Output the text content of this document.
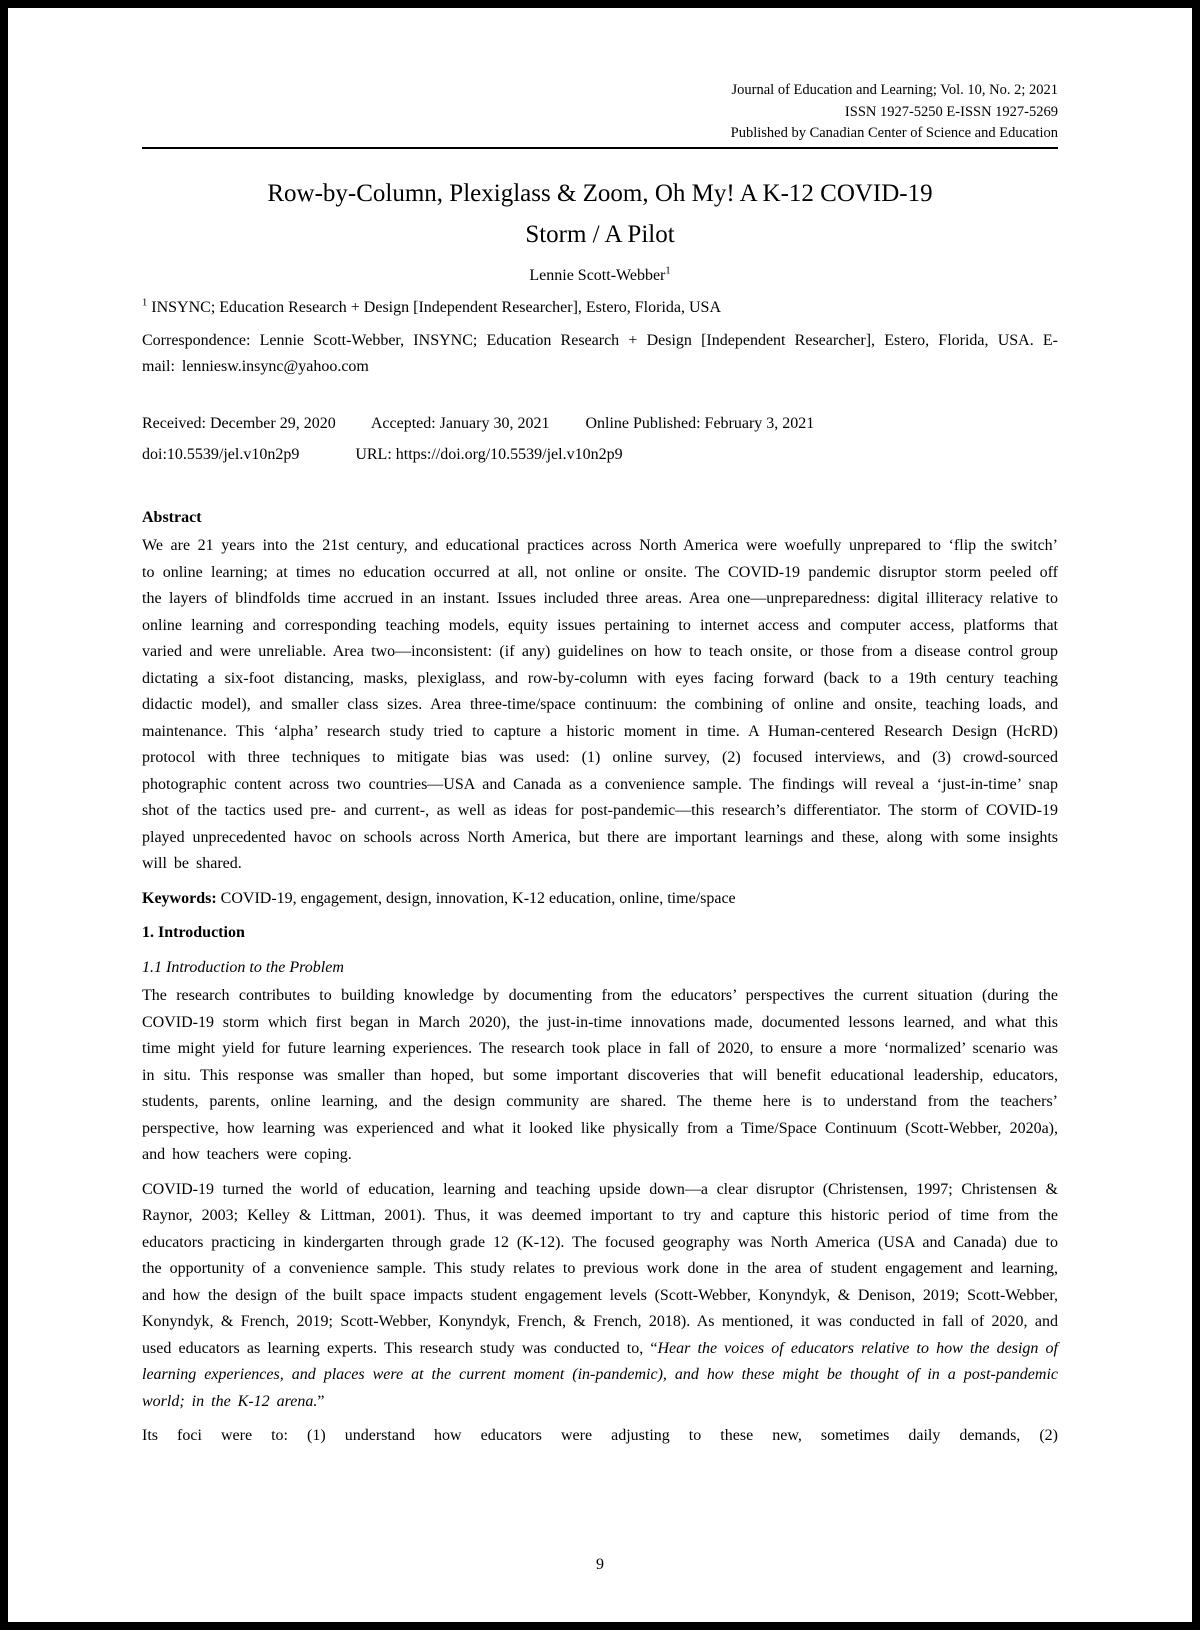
Journal of Education and Learning; Vol. 10, No. 2; 2021
ISSN 1927-5250 E-ISSN 1927-5269
Published by Canadian Center of Science and Education
Row-by-Column, Plexiglass & Zoom, Oh My! A K-12 COVID-19
Storm / A Pilot
Lennie Scott-Webber$^1$
$^1$ INSYNC; Education Research + Design [Independent Researcher], Estero, Florida, USA
Correspondence: Lennie Scott-Webber, INSYNC; Education Research + Design [Independent Researcher], Estero, Florida, USA. E-mail: lenniesw.insync@yahoo.com
Received: December 29, 2020 Accepted: January 30, 2021 Online Published: February 3, 2021
doi:10.5539/jel.v10n2p9	URL: https://doi.org/10.5539/jel.v10n2p9
Abstract

We are 21 years into the 21st century, and educational practices across North America were woefully unprepared to ‘flip the switch’ to online learning; at times no education occurred at all, not online or onsite. The COVID-19 pandemic disruptor storm peeled off the layers of blindfolds time accrued in an instant. Issues included three areas. Area one—unpreparedness: digital illiteracy relative to online learning and corresponding teaching models, equity issues pertaining to internet access and computer access, platforms that varied and were unreliable. Area two—inconsistent: (if any) guidelines on how to teach onsite, or those from a disease control group dictating a six-foot distancing, masks, plexiglass, and row-by-column with eyes facing forward (back to a 19th century teaching didactic model), and smaller class sizes. Area three-time/space continuum: the combining of online and onsite, teaching loads, and maintenance. This ‘alpha’ research study tried to capture a historic moment in time. A Human-centered Research Design (HcRD) protocol with three techniques to mitigate bias was used: (1) online survey, (2) focused interviews, and (3) crowd-sourced photographic content across two countries—USA and Canada as a convenience sample. The findings will reveal a ‘just-in-time’ snap shot of the tactics used pre- and current-, as well as ideas for post-pandemic—this research’s differentiator. The storm of COVID-19 played unprecedented havoc on schools across North America, but there are important learnings and these, along with some insights will be shared.

Keywords: COVID-19, engagement, design, innovation, K-12 education, online, time/space
1. Introduction
1.1 Introduction to the Problem

The research contributes to building knowledge by documenting from the educators’ perspectives the current situation (during the COVID-19 storm which first began in March 2020), the just-in-time innovations made, documented lessons learned, and what this time might yield for future learning experiences. The research took place in fall of 2020, to ensure a more ‘normalized’ scenario was in situ. This response was smaller than hoped, but some important discoveries that will benefit educational leadership, educators, students, parents, online learning, and the design community are shared. The theme here is to understand from the teachers’ perspective, how learning was experienced and what it looked like physically from a Time/Space Continuum (Scott-Webber, 2020a), and how teachers were coping.

COVID-19 turned the world of education, learning and teaching upside down—a clear disruptor (Christensen, 1997; Christensen & Raynor, 2003; Kelley & Littman, 2001). Thus, it was deemed important to try and capture this historic period of time from the educators practicing in kindergarten through grade 12 (K-12). The focused geography was North America (USA and Canada) due to the opportunity of a convenience sample. This study relates to previous work done in the area of student engagement and learning, and how the design of the built space impacts student engagement levels (Scott-Webber, Konyndyk, & Denison, 2019; Scott-Webber, Konyndyk, & French, 2019; Scott-Webber, Konyndyk, French, & French, 2018). As mentioned, it was conducted in fall of 2020, and used educators as learning experts. This research study was conducted to, “Hear the voices of educators relative to how the design of learning experiences, and places were at the current moment (in-pandemic), and how these might be thought of in a post-pandemic world; in the K-12 arena.”

Its foci were to: (1) understand how educators were adjusting to these new, sometimes daily demands, (2)

9
